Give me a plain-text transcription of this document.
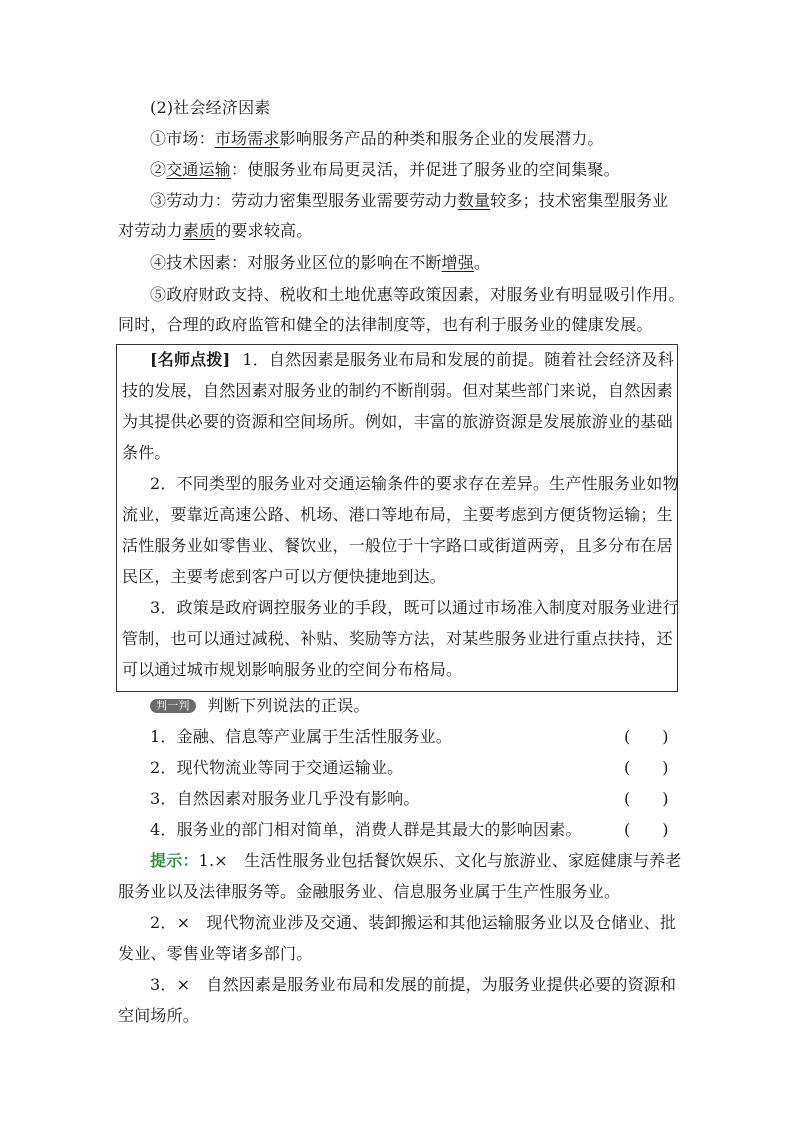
(2)社会经济因素
①市场：市场需求影响服务产品的种类和服务企业的发展潜力。
②交通运输：使服务业布局更灵活，并促进了服务业的空间集聚。
③劳动力：劳动力密集型服务业需要劳动力数量较多；技术密集型服务业
对劳动力素质的要求较高。
④技术因素：对服务业区位的影响在不断增强。
⑤政府财政支持、税收和土地优惠等政策因素，对服务业有明显吸引作用。
同时，合理的政府监管和健全的法律制度等，也有利于服务业的健康发展。
[名师点拨] 1．自然因素是服务业布局和发展的前提。随着社会经济及科
技的发展，自然因素对服务业的制约不断削弱。但对某些部门来说，自然因素
为其提供必要的资源和空间场所。例如，丰富的旅游资源是发展旅游业的基础
条件。
2．不同类型的服务业对交通运输条件的要求存在差异。生产性服务业如物
流业，要靠近高速公路、机场、港口等地布局，主要考虑到方便货物运输；生
活性服务业如零售业、餐饮业，一般位于十字路口或街道两旁，且多分布在居
民区，主要考虑到客户可以方便快捷地到达。
3．政策是政府调控服务业的手段，既可以通过市场准入制度对服务业进行
管制，也可以通过减税、补贴、奖励等方法，对某些服务业进行重点扶持，还
可以通过城市规划影响服务业的空间分布格局。
判一判 判断下列说法的正误。
1．金融、信息等产业属于生活性服务业。	(　　)
2．现代物流业等同于交通运输业。	(　　)
3．自然因素对服务业几乎没有影响。	(　　)
4．服务业的部门相对简单，消费人群是其最大的影响因素。	(　　)
提示：1.×　生活性服务业包括餐饮娱乐、文化与旅游业、家庭健康与养老
服务业以及法律服务等。金融服务业、信息服务业属于生产性服务业。
2．×　现代物流业涉及交通、装卸搬运和其他运输服务业以及仓储业、批
发业、零售业等诸多部门。
3．×　自然因素是服务业布局和发展的前提，为服务业提供必要的资源和
空间场所。
